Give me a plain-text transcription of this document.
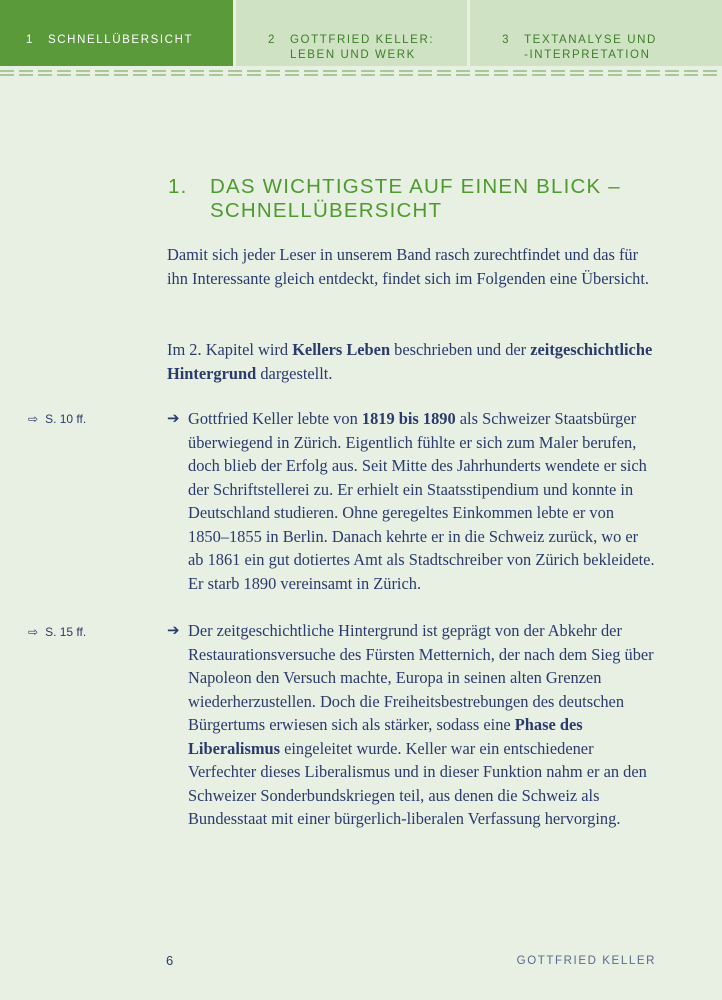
1 SCHNELLÜBERSICHT	2 GOTTFRIED KELLER:
LEBEN UND WERK
3 TEXTANALYSE UND
-INTERPRETATION
1.	DAS WICHTIGSTE AUF EINEN BLICK –
SCHNELLÜBERSICHT

Damit sich jeder Leser in unserem Band rasch zurechtfindet und das für ihn Interessante gleich entdeckt, findet sich im Folgenden eine Übersicht.

Im 2. Kapitel wird Kellers Leben beschrieben und der zeitgeschichtliche Hintergrund dargestellt.

⇨ S. 10 ff.
⇨ S. 15 ff.
➔ Gottfried Keller lebte von 1819 bis 1890 als Schweizer Staatsbürger überwiegend in Zürich. Eigentlich fühlte er sich zum Maler berufen, doch blieb der Erfolg aus. Seit Mitte des Jahrhunderts wendete er sich der Schriftstellerei zu. Er erhielt ein Staatsstipendium und konnte in Deutschland studieren. Ohne geregeltes Einkommen lebte er von 1850–1855 in Berlin. Danach kehrte er in die Schweiz zurück, wo er ab 1861 ein gut dotiertes Amt als Stadtschreiber von Zürich bekleidete. Er starb 1890 vereinsamt in Zürich.
➔ Der zeitgeschichtliche Hintergrund ist geprägt von der Abkehr der Restaurationsversuche des Fürsten Metternich, der nach dem Sieg über Napoleon den Versuch machte, Europa in seinen alten Grenzen wiederherzustellen. Doch die Freiheitsbestrebungen des deutschen Bürgertums erwiesen sich als stärker, sodass eine Phase des Liberalismus eingeleitet wurde. Keller war ein entschiedener Verfechter dieses Liberalismus und in dieser Funktion nahm er an den Schweizer Sonderbundskriegen teil, aus denen die Schweiz als Bundesstaat mit einer bürgerlich-liberalen Verfassung hervorging.
6	GOTTFRIED KELLER
